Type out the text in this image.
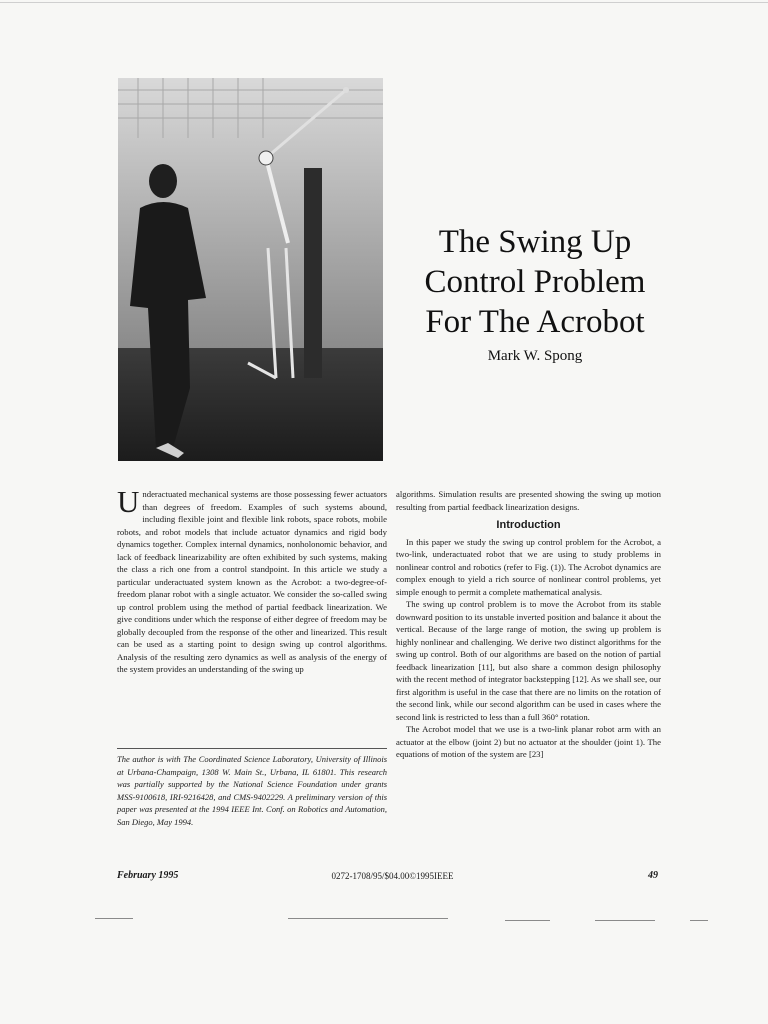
The Swing Up
Control Problem
For The Acrobot
Mark W. Spong

Underactuated mechanical systems are those possessing fewer actuators than degrees of freedom. Examples of such systems abound, including flexible joint and flexible link robots, space robots, mobile robots, and robot models that include actuator dynamics and rigid body dynamics together. Complex internal dynamics, nonholonomic behavior, and lack of feedback linearizability are often exhibited by such systems, making the class a rich one from a control standpoint. In this article we study a particular underactuated system known as the Acrobot: a two-degree-of-freedom planar robot with a single actuator. We consider the so-called swing up control problem using the method of partial feedback linearization. We give conditions under which the response of either degree of freedom may be globally decoupled from the response of the other and linearized. This result can be used as a starting point to design swing up control algorithms. Analysis of the resulting zero dynamics as well as analysis of the energy of the system provides an understanding of the swing up

The author is with The Coordinated Science Laboratory, University of Illinois at Urbana-Champaign, 1308 W. Main St., Urbana, IL 61801. This research was partially supported by the National Science Foundation under grants MSS-9100618, IRI-9216428, and CMS-9402229. A preliminary version of this paper was presented at the 1994 IEEE Int. Conf. on Robotics and Automation, San Diego, May 1994.

algorithms. Simulation results are presented showing the swing up motion resulting from partial feedback linearization designs.

Introduction

In this paper we study the swing up control problem for the Acrobot, a two-link, underactuated robot that we are using to study problems in nonlinear control and robotics (refer to Fig. (1)). The Acrobot dynamics are complex enough to yield a rich source of nonlinear control problems, yet simple enough to permit a complete mathematical analysis.

The swing up control problem is to move the Acrobot from its stable downward position to its unstable inverted position and balance it about the vertical. Because of the large range of motion, the swing up problem is highly nonlinear and challenging. We derive two distinct algorithms for the swing up control. Both of our algorithms are based on the notion of partial feedback linearization [11], but also share a common design philosophy with the recent method of integrator backstepping [12]. As we shall see, our first algorithm is useful in the case that there are no limits on the rotation of the second link, while our second algorithm can be used in cases where the second link is restricted to less than a full 360° rotation.

The Acrobot model that we use is a two-link planar robot arm with an actuator at the elbow (joint 2) but no actuator at the shoulder (joint 1). The equations of motion of the system are [23]

February 1995	0272-1708/95/$04.00©1995IEEE	49
